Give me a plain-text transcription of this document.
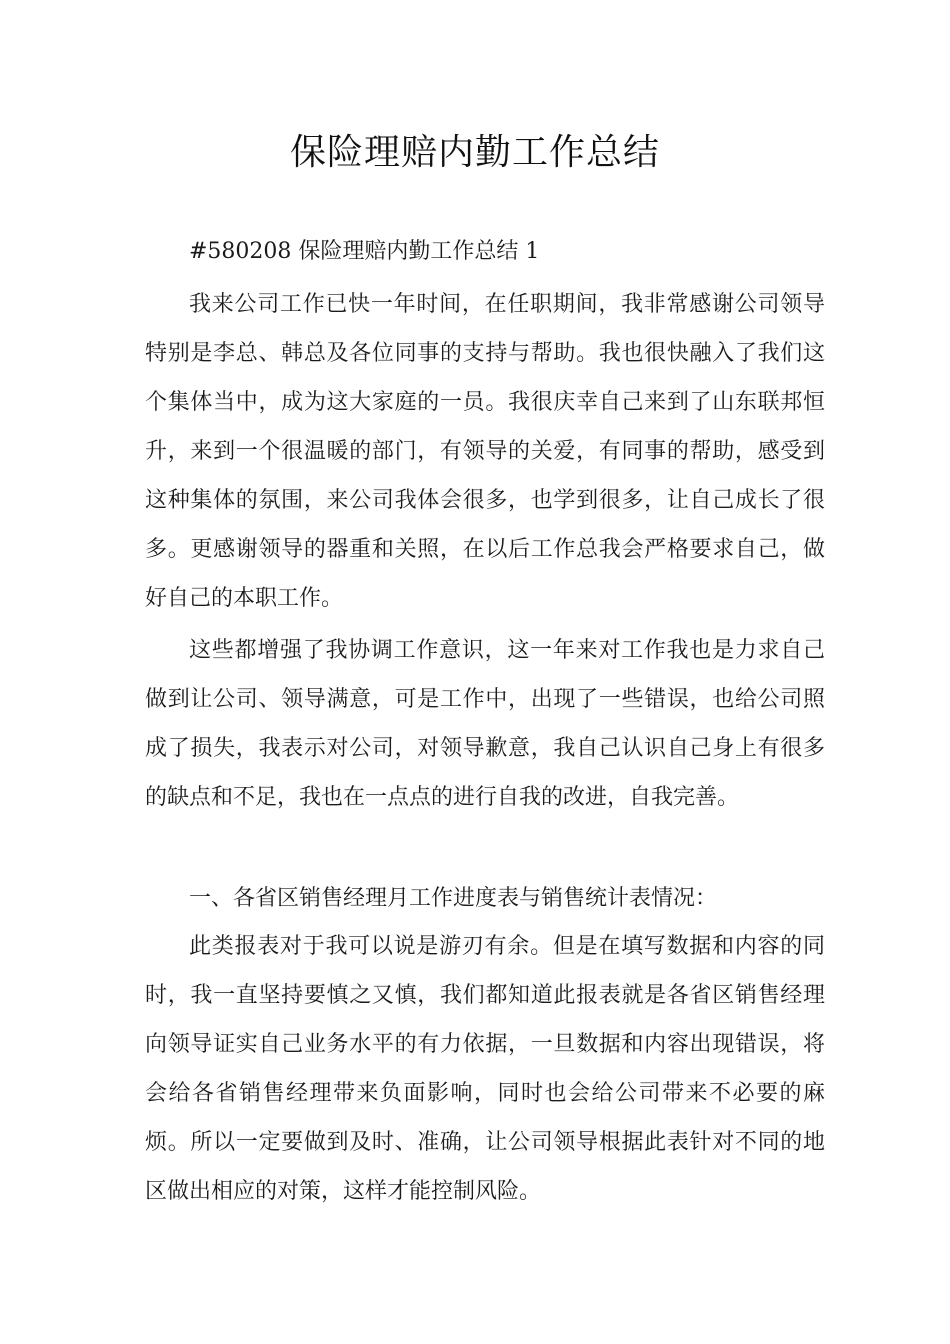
保险理赔内勤工作总结
#580208 保险理赔内勤工作总结 1

我来公司工作已快一年时间，在任职期间，我非常感谢公司领导特别是李总、韩总及各位同事的支持与帮助。我也很快融入了我们这个集体当中，成为这大家庭的一员。我很庆幸自己来到了山东联邦恒升，来到一个很温暖的部门，有领导的关爱，有同事的帮助，感受到这种集体的氛围，来公司我体会很多，也学到很多，让自己成长了很多。更感谢领导的器重和关照，在以后工作总我会严格要求自己，做好自己的本职工作。

这些都增强了我协调工作意识，这一年来对工作我也是力求自己做到让公司、领导满意，可是工作中，出现了一些错误，也给公司照成了损失，我表示对公司，对领导歉意，我自己认识自己身上有很多的缺点和不足，我也在一点点的进行自我的改进，自我完善。

一、各省区销售经理月工作进度表与销售统计表情况：

此类报表对于我可以说是游刃有余。但是在填写数据和内容的同时，我一直坚持要慎之又慎，我们都知道此报表就是各省区销售经理向领导证实自己业务水平的有力依据，一旦数据和内容出现错误，将会给各省销售经理带来负面影响，同时也会给公司带来不必要的麻烦。所以一定要做到及时、准确，让公司领导根据此表针对不同的地区做出相应的对策，这样才能控制风险。
